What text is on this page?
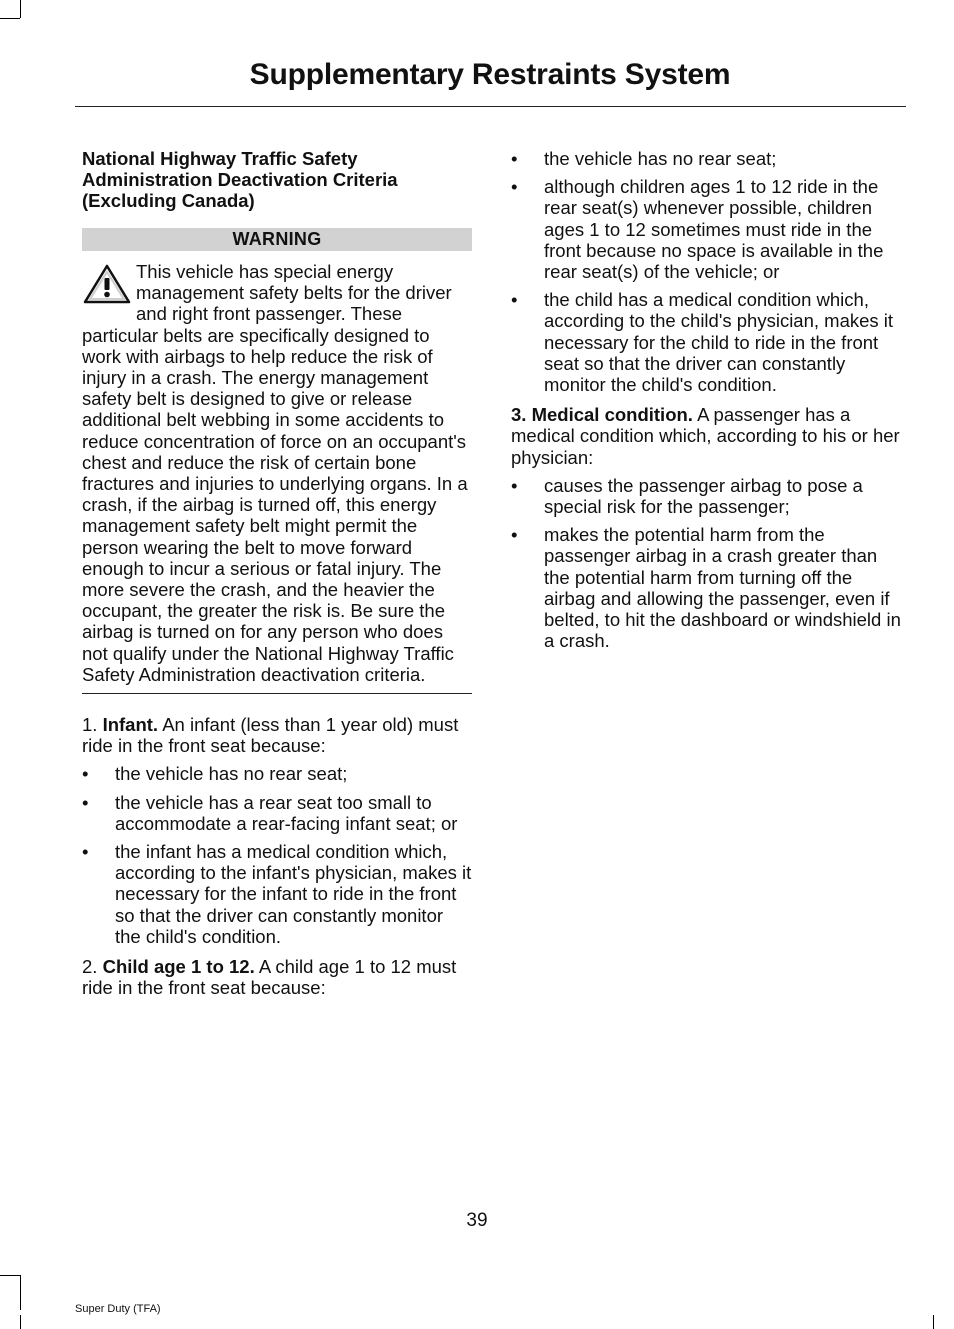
Supplementary Restraints System
National Highway Traffic Safety Administration Deactivation Criteria (Excluding Canada)
WARNING
This vehicle has special energy management safety belts for the driver and right front passenger. These particular belts are specifically designed to work with airbags to help reduce the risk of injury in a crash. The energy management safety belt is designed to give or release additional belt webbing in some accidents to reduce concentration of force on an occupant's chest and reduce the risk of certain bone fractures and injuries to underlying organs. In a crash, if the airbag is turned off, this energy management safety belt might permit the person wearing the belt to move forward enough to incur a serious or fatal injury. The more severe the crash, and the heavier the occupant, the greater the risk is. Be sure the airbag is turned on for any person who does not qualify under the National Highway Traffic Safety Administration deactivation criteria.

1. Infant. An infant (less than 1 year old) must ride in the front seat because:

• the vehicle has no rear seat;
• the vehicle has a rear seat too small to accommodate a rear-facing infant seat; or
• the infant has a medical condition which, according to the infant's physician, makes it necessary for the infant to ride in the front so that the driver can constantly monitor the child's condition.

2. Child age 1 to 12. A child age 1 to 12 must ride in the front seat because:

• the vehicle has no rear seat;
• although children ages 1 to 12 ride in the rear seat(s) whenever possible, children ages 1 to 12 sometimes must ride in the front because no space is available in the rear seat(s) of the vehicle; or
• the child has a medical condition which, according to the child's physician, makes it necessary for the child to ride in the front seat so that the driver can constantly monitor the child's condition.

3. Medical condition. A passenger has a medical condition which, according to his or her physician:

• causes the passenger airbag to pose a special risk for the passenger;
• makes the potential harm from the passenger airbag in a crash greater than the potential harm from turning off the airbag and allowing the passenger, even if belted, to hit the dashboard or windshield in a crash.
39
Super Duty (TFA)
